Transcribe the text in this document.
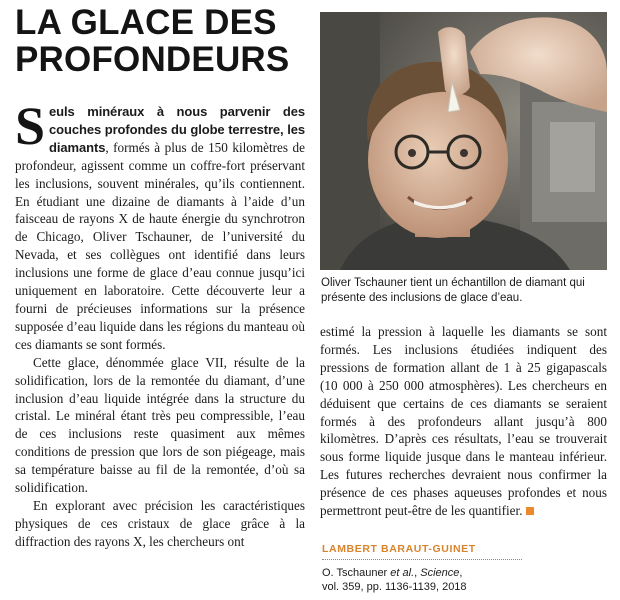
LA GLACE DES PROFONDEURS

Oliver Tschauner tient un échantillon de diamant qui présente des inclusions de glace d’eau.

Seuls minéraux à nous parvenir des couches profondes du globe terrestre, les diamants, formés à plus de 150 kilomètres de profondeur, agissent comme un coffre-fort préservant les inclusions, souvent minérales, qu’ils contiennent. En étudiant une dizaine de diamants à l’aide d’un faisceau de rayons X de haute énergie du synchrotron de Chicago, Oliver Tschauner, de l’université du Nevada, et ses collègues ont identifié dans leurs inclusions une forme de glace d’eau connue jusqu’ici uniquement en laboratoire. Cette découverte leur a fourni de précieuses informations sur la présence supposée d’eau liquide dans les régions du manteau où ces diamants se sont formés.

Cette glace, dénommée glace VII, résulte de la solidification, lors de la remontée du diamant, d’une inclusion d’eau liquide intégrée dans la structure du cristal. Le minéral étant très peu compressible, l’eau de ces inclusions reste quasiment aux mêmes conditions de pression que lors de son piégeage, mais sa température baisse au fil de la remontée, d’où sa solidification.

En explorant avec précision les caractéristiques physiques de ces cristaux de glace grâce à la diffraction des rayons X, les chercheurs ont

estimé la pression à laquelle les diamants se sont formés. Les inclusions étudiées indiquent des pressions de formation allant de 1 à 25 gigapascals (10 000 à 250 000 atmosphères). Les chercheurs en déduisent que certains de ces diamants se seraient formés à des profondeurs allant jusqu’à 800 kilomètres. D’après ces résultats, l’eau se trouverait sous forme liquide jusque dans le manteau inférieur. Les futures recherches devraient nous confirmer la présence de ces phases aqueuses profondes et nous permettront peut-être de les quantifier.

LAMBERT BARAUT-GUINET

O. Tschauner et al., Science,
vol. 359, pp. 1136-1139, 2018
